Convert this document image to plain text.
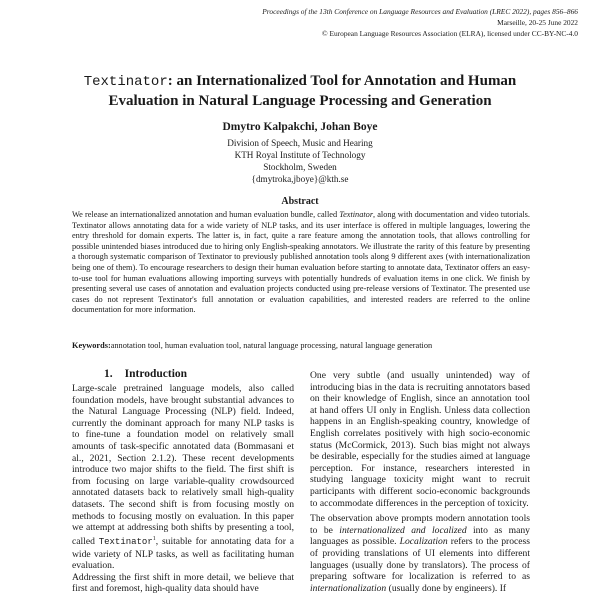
Proceedings of the 13th Conference on Language Resources and Evaluation (LREC 2022), pages 856–866
Marseille, 20-25 June 2022
© European Language Resources Association (ELRA), licensed under CC-BY-NC-4.0
Textinator: an Internationalized Tool for Annotation and Human
Evaluation in Natural Language Processing and Generation
Dmytro Kalpakchi, Johan Boye
Division of Speech, Music and Hearing
KTH Royal Institute of Technology
Stockholm, Sweden
{dmytroka,jboye}@kth.se
Abstract
We release an internationalized annotation and human evaluation bundle, called Textinator, along with documentation and video tutorials. Textinator allows annotating data for a wide variety of NLP tasks, and its user interface is offered in multiple languages, lowering the entry threshold for domain experts. The latter is, in fact, quite a rare feature among the annotation tools, that allows controlling for possible unintended biases introduced due to hiring only English-speaking annotators. We illustrate the rarity of this feature by presenting a thorough systematic comparison of Textinator to previously published annotation tools along 9 different axes (with internationalization being one of them). To encourage researchers to design their human evaluation before starting to annotate data, Textinator offers an easy-to-use tool for human evaluations allowing importing surveys with potentially hundreds of evaluation items in one click. We finish by presenting several use cases of annotation and evaluation projects conducted using pre-release versions of Textinator. The presented use cases do not represent Textinator's full annotation or evaluation capabilities, and interested readers are referred to the online documentation for more information.
Keywords:annotation tool, human evaluation tool, natural language processing, natural language generation
1. Introduction

Large-scale pretrained language models, also called foundation models, have brought substantial advances to the Natural Language Processing (NLP) field. Indeed, currently the dominant approach for many NLP tasks is to fine-tune a foundation model on relatively small amounts of task-specific annotated data (Bommasani et al., 2021, Section 2.1.2). These recent developments introduce two major shifts to the field. The first shift is from focusing on large variable-quality crowdsourced annotated datasets back to relatively small high-quality datasets. The second shift is from focusing mostly on methods to focusing mostly on evaluation. In this paper we attempt at addressing both shifts by presenting a tool, called Textinator$^1$, suitable for annotating data for a wide variety of NLP tasks, as well as facilitating human evaluation.

Addressing the first shift in more detail, we believe that first and foremost, high-quality data should have

One very subtle (and usually unintended) way of introducing bias in the data is recruiting annotators based on their knowledge of English, since an annotation tool at hand offers UI only in English. Unless data collection happens in an English-speaking country, knowledge of English correlates positively with high socio-economic status (McCormick, 2013). Such bias might not always be desirable, especially for the studies aimed at language perception. For instance, researchers interested in studying language toxicity might want to recruit participants with different socio-economic backgrounds to accommodate differences in the perception of toxicity.

The observation above prompts modern annotation tools to be internationalized and localized into as many languages as possible. Localization refers to the process of providing translations of UI elements into different languages (usually done by translators). The process of preparing software for localization is referred to as internationalization (usually done by engineers). If
